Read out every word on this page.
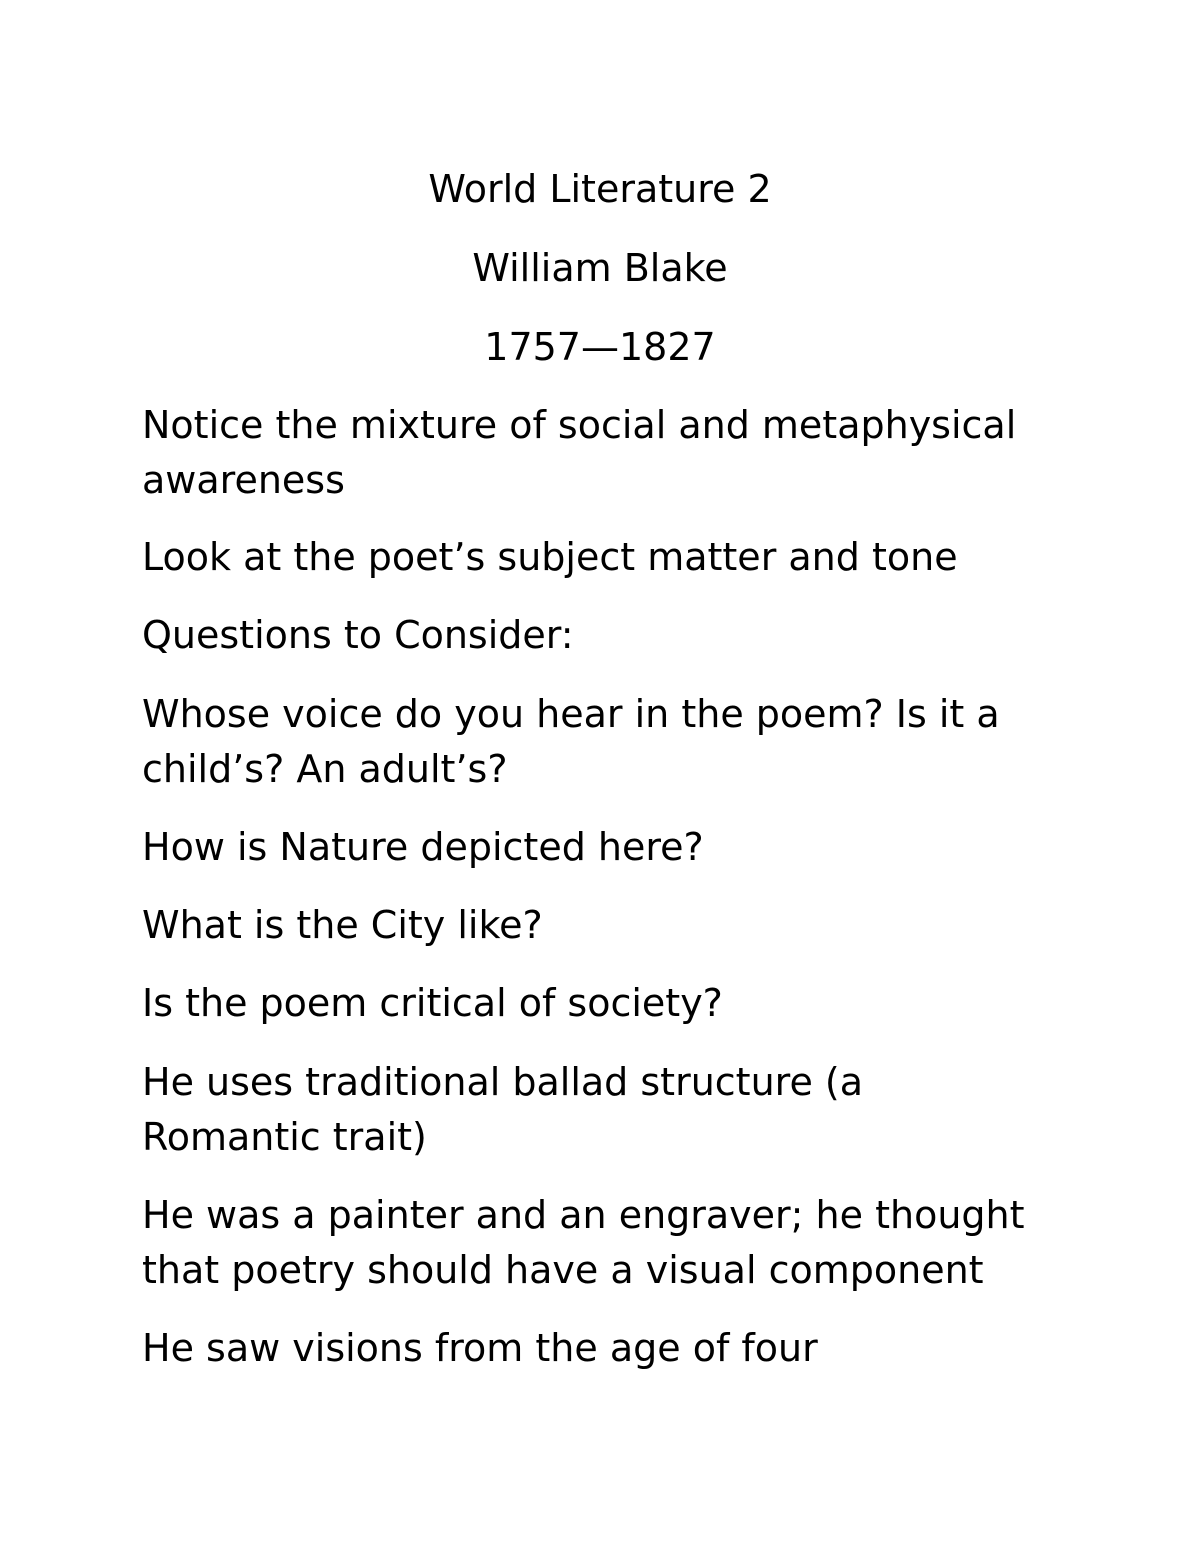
World Literature 2

William Blake

1757—1827

Notice the mixture of social and metaphysical
awareness

Look at the poet’s subject matter and tone

Questions to Consider:

Whose voice do you hear in the poem? Is it a
child’s? An adult’s?

How is Nature depicted here?

What is the City like?

Is the poem critical of society?

He uses traditional ballad structure (a
Romantic trait)
He was a painter and an engraver; he thought
that poetry should have a visual component

He saw visions from the age of four
